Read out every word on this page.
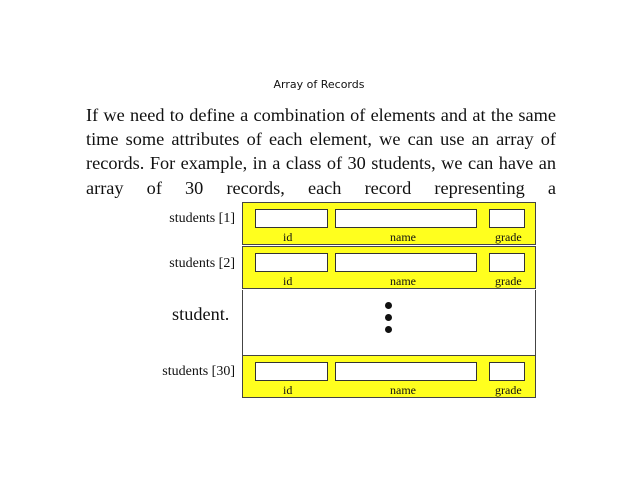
Array of Records
If we need to define a combination of elements and at the same time some attributes of each element, we can use an array of records. For example, in a class of 30 students, we can have an array of 30 records, each record representing a
student.
students [1]
id	name	grade
students [2]
id	name	grade
students [30]
id	name	grade
